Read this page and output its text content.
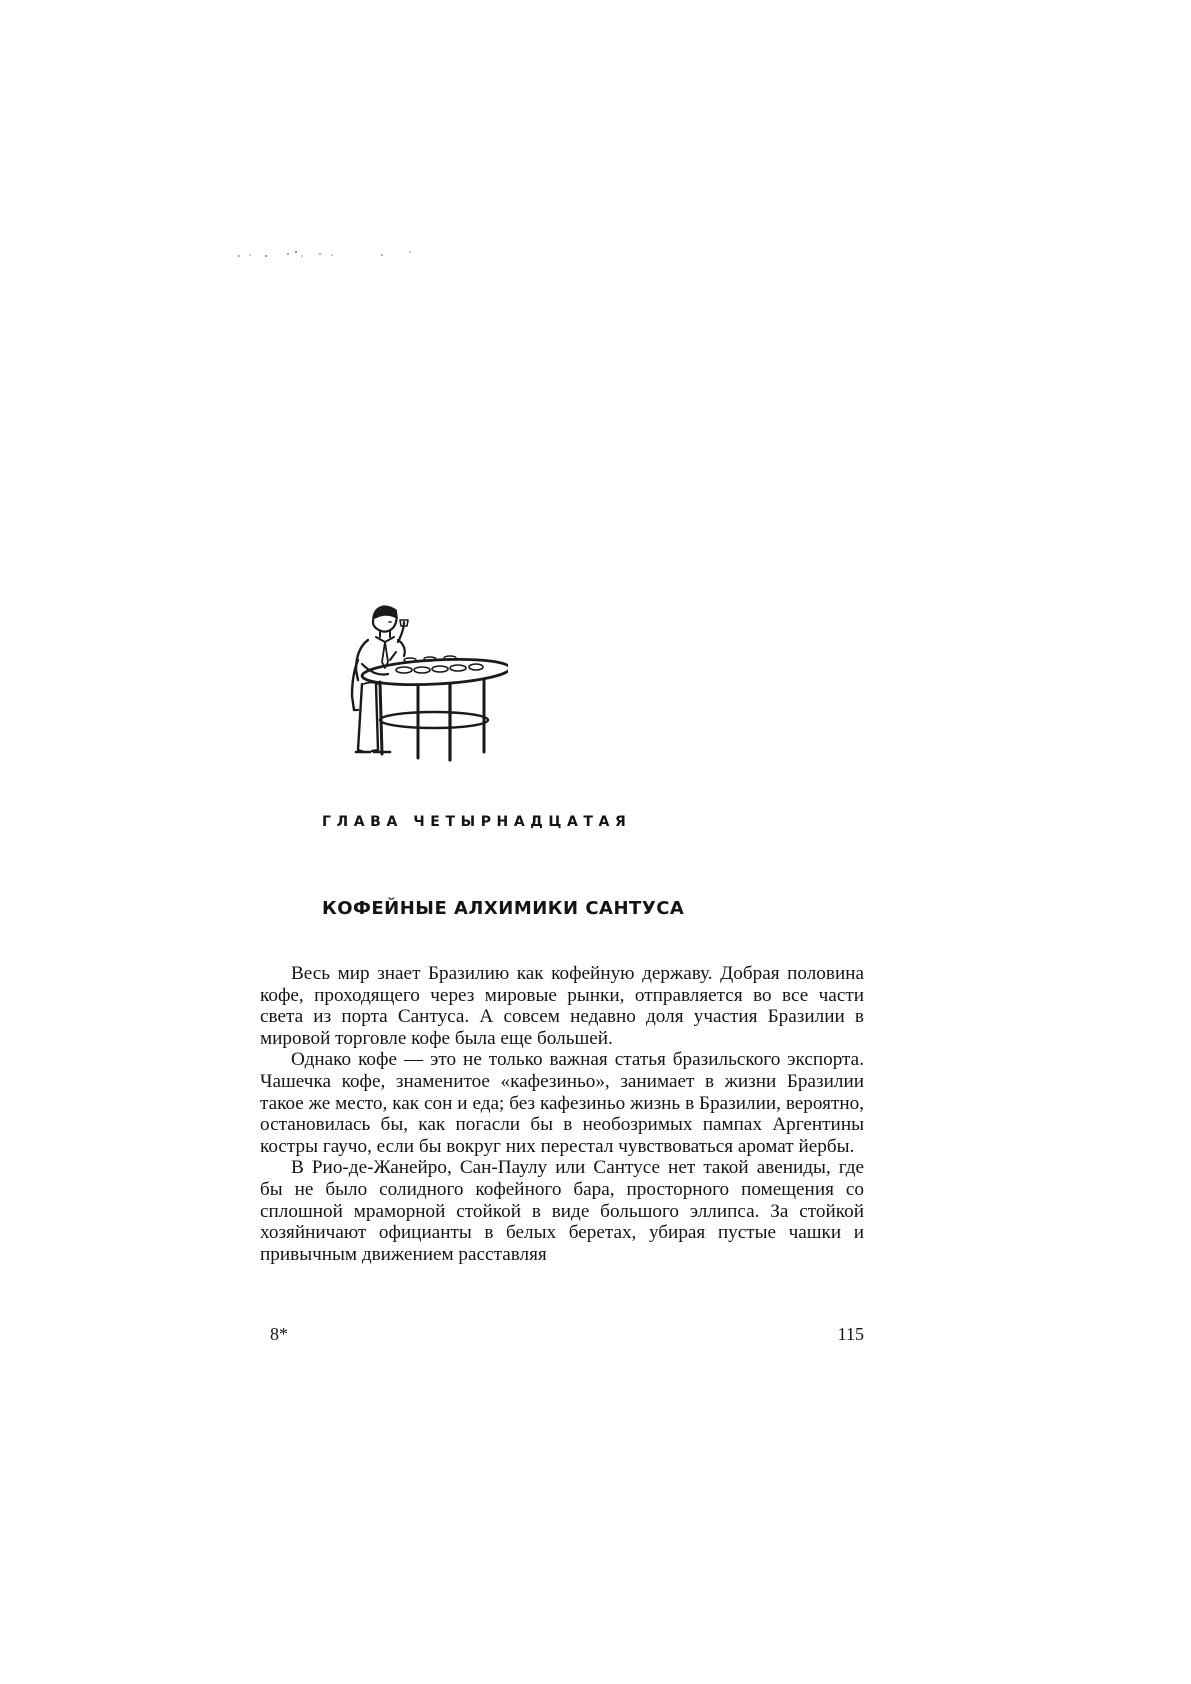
ГЛАВА ЧЕТЫРНАДЦАТАЯ
КОФЕЙНЫЕ АЛХИМИКИ САНТУСА

Весь мир знает Бразилию как кофейную державу. Добрая половина кофе, проходящего через мировые рынки, отправляется во все части света из порта Сантуса. А совсем недавно доля участия Бразилии в мировой торговле кофе была еще большей.

Однако кофе — это не только важная статья бразильского экспорта. Чашечка кофе, знаменитое «кафезиньо», занимает в жизни Бразилии такое же место, как сон и еда; без кафезиньо жизнь в Бразилии, вероятно, остановилась бы, как погасли бы в необозримых пампах Аргентины костры гаучо, если бы вокруг них перестал чувствоваться аромат йербы.

В Рио-де-Жанейро, Сан-Паулу или Сантусе нет такой авениды, где бы не было солидного кофейного бара, просторного помещения со сплошной мраморной стойкой в виде большого эллипса. За стойкой хозяйничают официанты в белых беретах, убирая пустые чашки и привычным движением расставляя

8*	115
